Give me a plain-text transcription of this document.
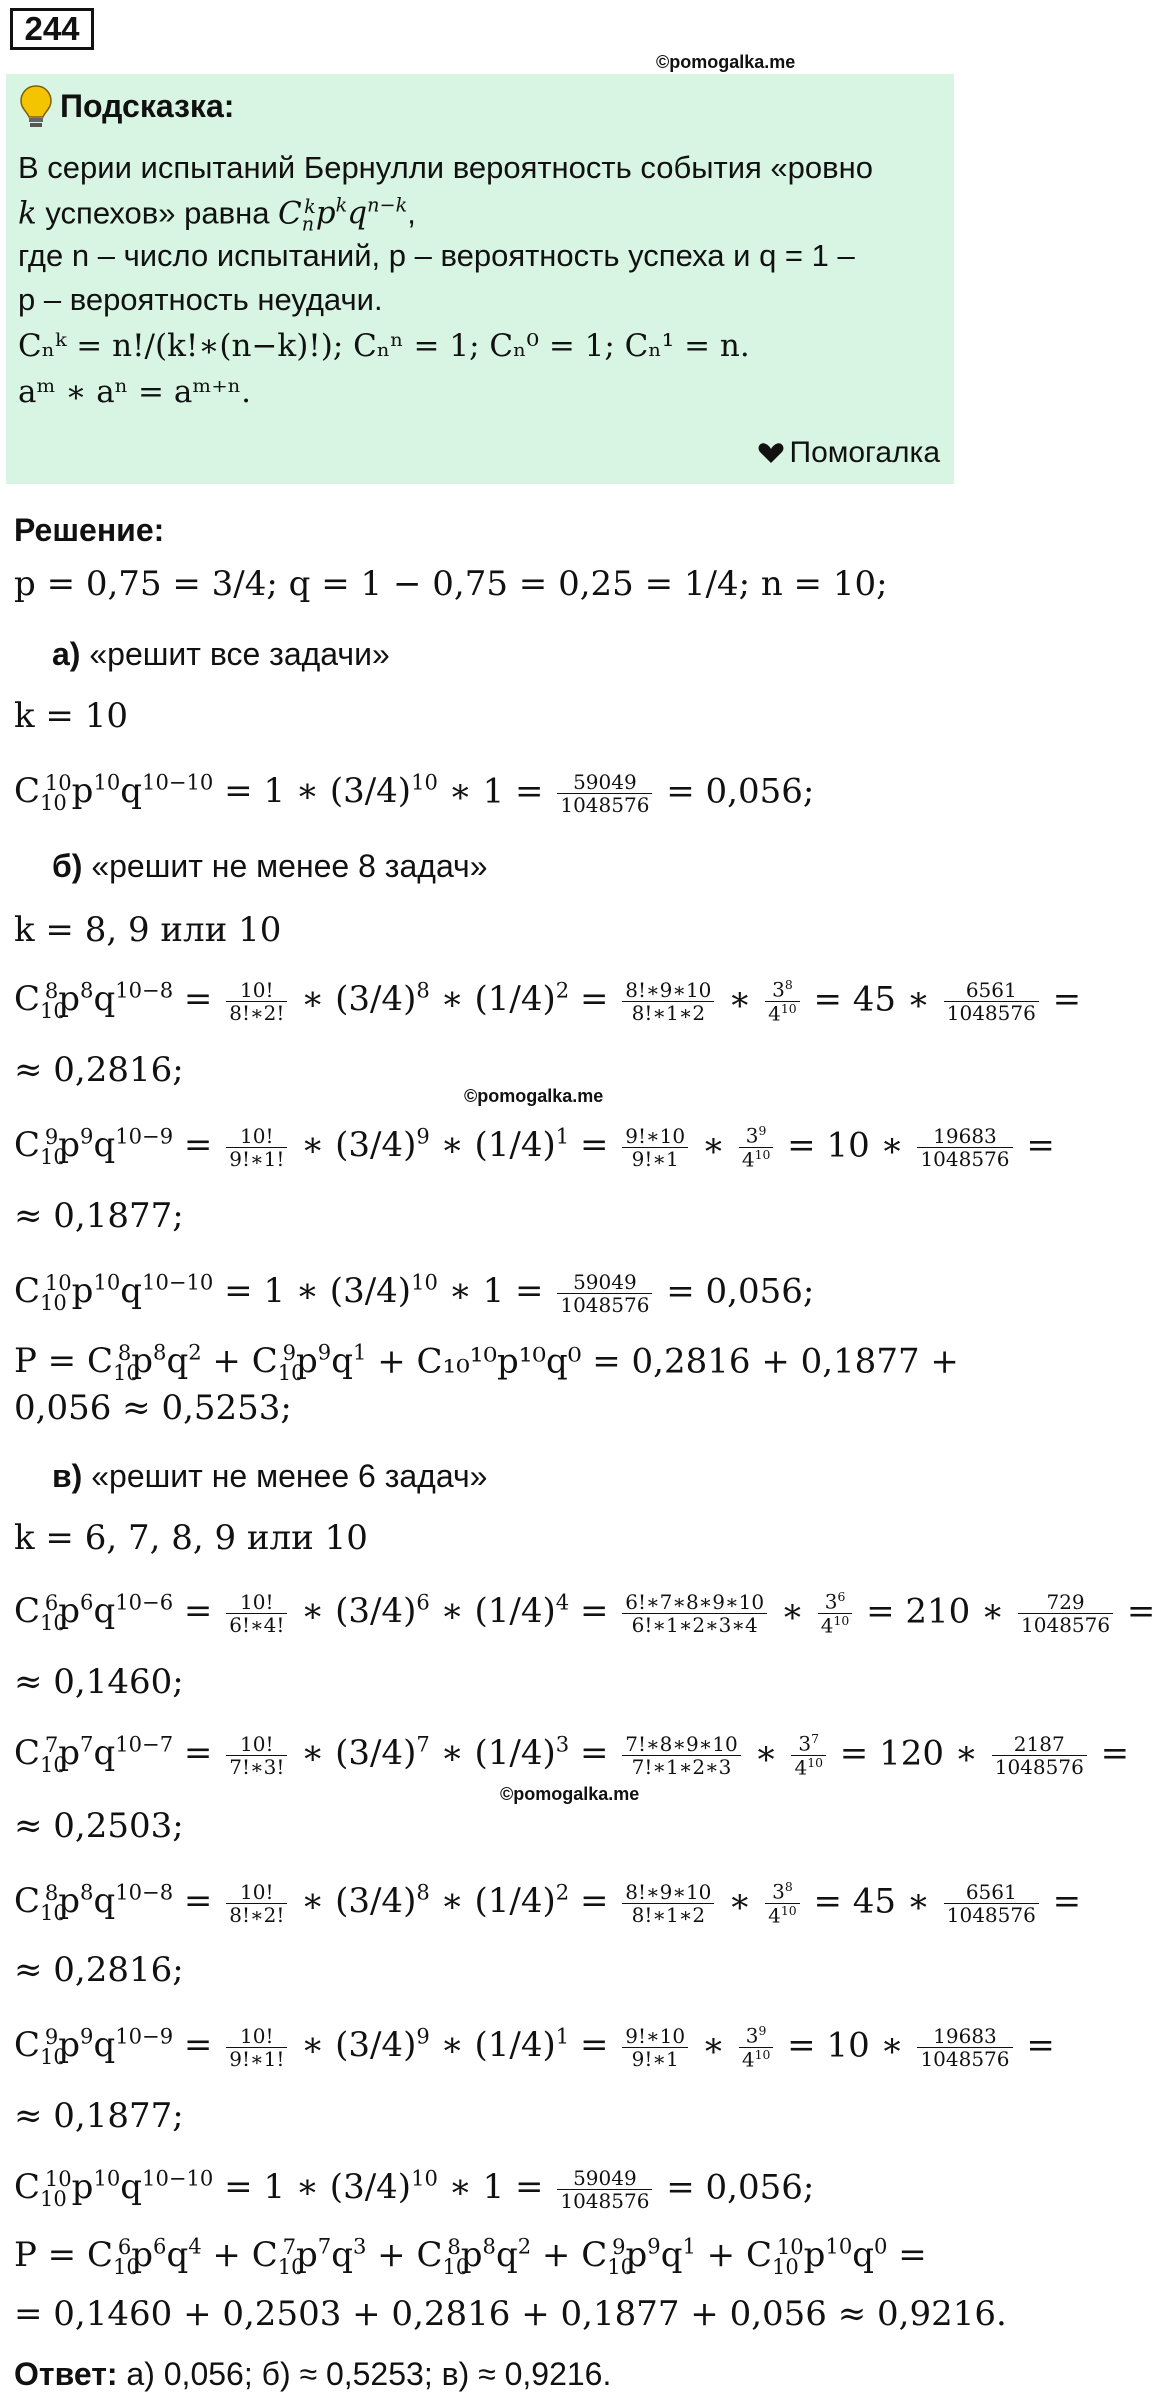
244
©pomogalka.me
Подсказка:
В серии испытаний Бернулли вероятность события «ровно
k успехов» равна $C_n^kp^kq^{n-k}$,
где n – число испытаний, p – вероятность успеха и q = 1 –
p – вероятность неудачи.
Cₙᵏ = n!/(k!∗(n−k)!); Cₙⁿ = 1; Cₙ⁰ = 1; Cₙ¹ = n.
aᵐ ∗ aⁿ = aᵐ⁺ⁿ.
Помогалка
Решение:
p = 0,75 = 3/4; q = 1 − 0,75 = 0,25 = 1/4; n = 10;
а) «решит все задачи»
k = 10
$C_{10}^{10}p^{10}q^{10-10} = 1$ ∗ $(3/4)^{10}$ ∗ $1 = \frac{59049}{1048576} = 0,056$;
б) «решит не менее 8 задач»
k = 8, 9 или 10
$C_{10}^8p^8q^{10-8} = \frac{10!}{8!∗2!}$ ∗ $(3/4)^8$ ∗ $(1/4)^2 = \frac{8!∗9∗10}{8!∗1∗2}$ ∗ $\frac{3^8}{4^{10}} = 45$ ∗ $\frac{6561}{1048576}$ =
≈ 0,2816;
©pomogalka.me
$C_{10}^9p^9q^{10-9} = \frac{10!}{9!∗1!}$ ∗ $(3/4)^9$ ∗ $(1/4)^1 = \frac{9!∗10}{9!∗1}$ ∗ $\frac{3^9}{4^{10}} = 10$ ∗ $\frac{19683}{1048576}$ =
≈ 0,1877;
$C_{10}^{10}p^{10}q^{10-10} = 1$ ∗ $(3/4)^{10}$ ∗ $1 = \frac{59049}{1048576} = 0,056$;
$P = C_{10}^8p^8q^2 + C_{10}^9p^9q^1 + C_{10}^{10}p^{10}q^0 = 0,2816 + 0,1877$ +
0,056 ≈ 0,5253;
в) «решит не менее 6 задач»
k = 6, 7, 8, 9 или 10
$C_{10}^6p^6q^{10-6} = \frac{10!}{6!∗4!}$ ∗ $(3/4)^6$ ∗ $(1/4)^4 = \frac{6!∗7∗8∗9∗10}{6!∗1∗2∗3∗4}$ ∗ $\frac{3^6}{4^{10}} = 210$ ∗ $\frac{729}{1048576}$ =
≈ 0,1460;
$C_{10}^7p^7q^{10-7} = \frac{10!}{7!∗3!}$ ∗ $(3/4)^7$ ∗ $(1/4)^3 = \frac{7!∗8∗9∗10}{7!∗1∗2∗3}$ ∗ $\frac{3^7}{4^{10}} = 120$ ∗ $\frac{2187}{1048576}$ =
≈ 0,2503;
©pomogalka.me
$C_{10}^8p^8q^{10-8} = \frac{10!}{8!∗2!}$ ∗ $(3/4)^8$ ∗ $(1/4)^2 = \frac{8!∗9∗10}{8!∗1∗2}$ ∗ $\frac{3^8}{4^{10}} = 45$ ∗ $\frac{6561}{1048576}$ =
≈ 0,2816;
$C_{10}^9p^9q^{10-9} = \frac{10!}{9!∗1!}$ ∗ $(3/4)^9$ ∗ $(1/4)^1 = \frac{9!∗10}{9!∗1}$ ∗ $\frac{3^9}{4^{10}} = 10$ ∗ $\frac{19683}{1048576}$ =
≈ 0,1877;
$C_{10}^{10}p^{10}q^{10-10} = 1$ ∗ $(3/4)^{10}$ ∗ $1 = \frac{59049}{1048576} = 0,056$;
$P = C_{10}^6p^6q^4 + C_{10}^7p^7q^3 + C_{10}^8p^8q^2 + C_{10}^9p^9q^1 + C_{10}^{10}p^{10}q^0$ =
= 0,1460 + 0,2503 + 0,2816 + 0,1877 + 0,056 ≈ 0,9216.
Ответ: а) 0,056; б) ≈ 0,5253; в) ≈ 0,9216.
